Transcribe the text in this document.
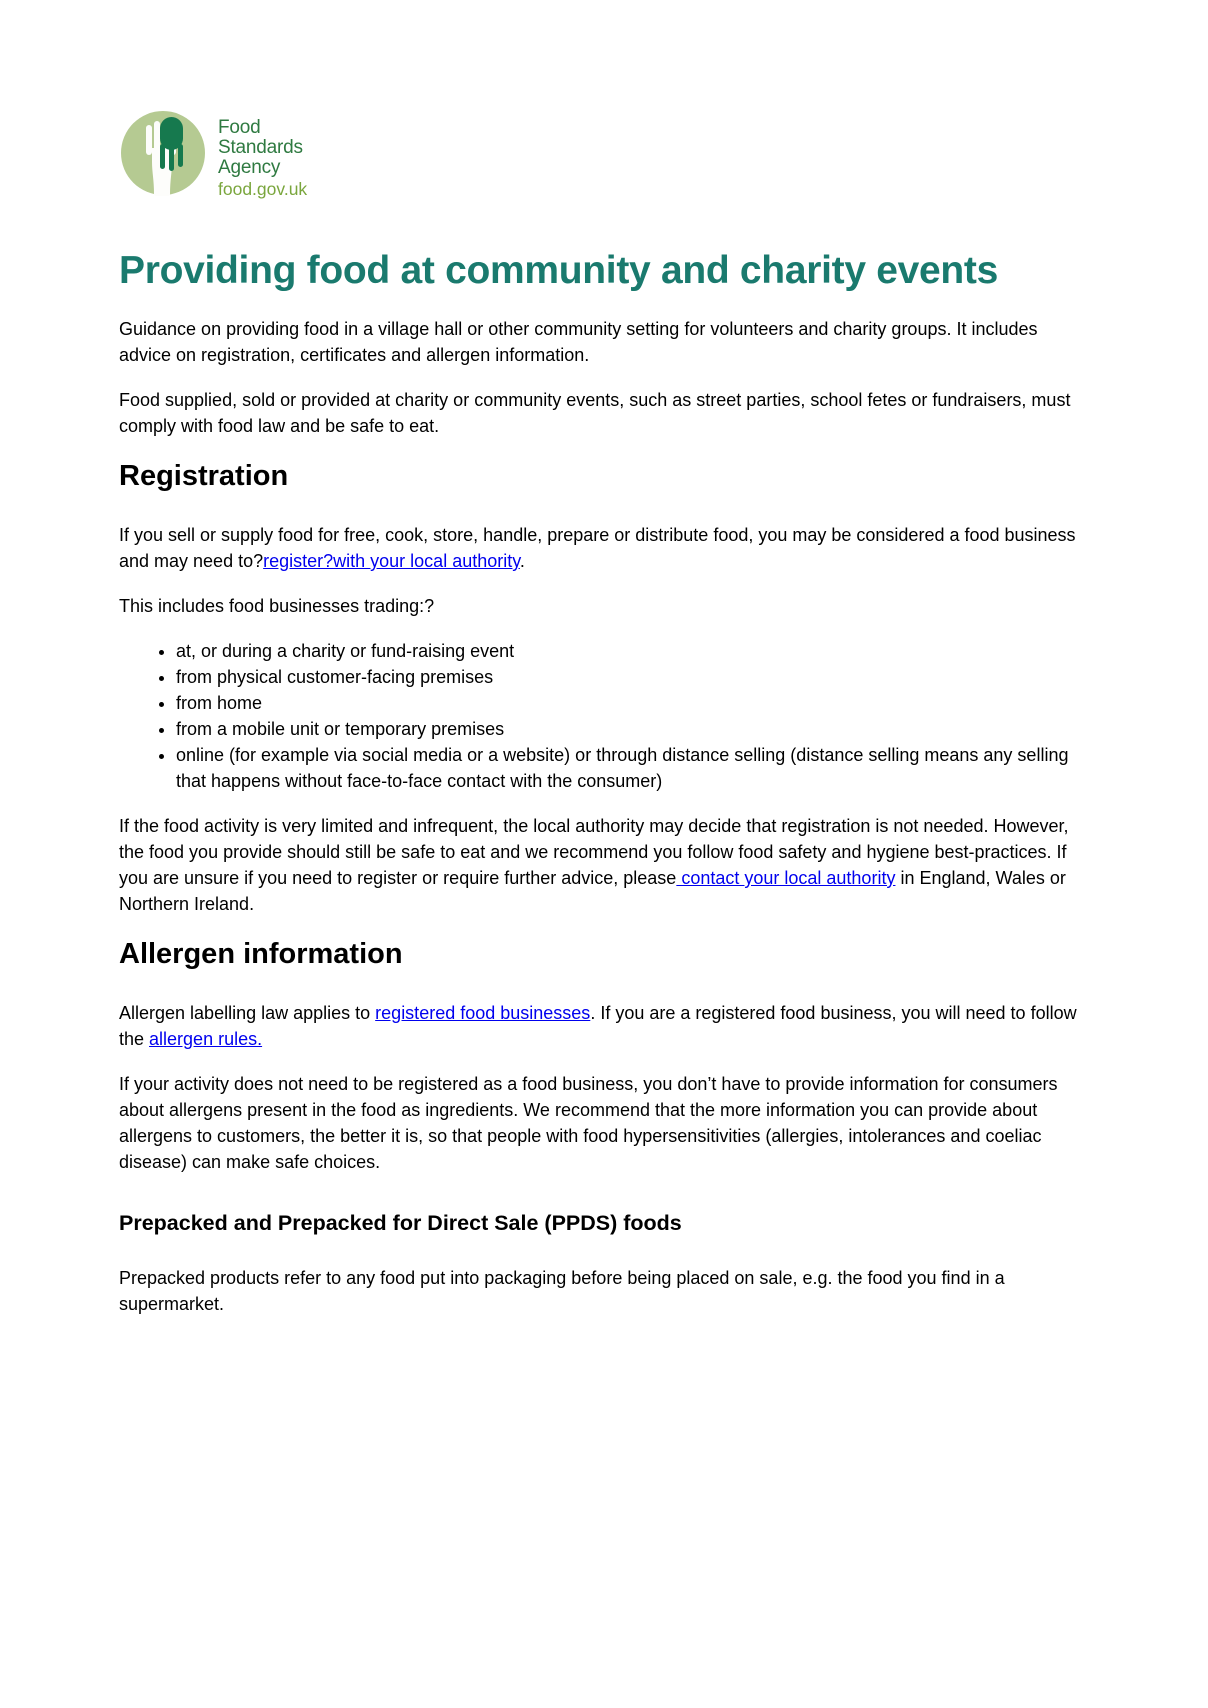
Food
Standards
Agency
food.gov.uk
Providing food at community and charity events

Guidance on providing food in a village hall or other community setting for volunteers and charity groups. It includes advice on registration, certificates and allergen information.

Food supplied, sold or provided at charity or community events, such as street parties, school fetes or fundraisers, must comply with food law and be safe to eat.

Registration

If you sell or supply food for free, cook, store, handle, prepare or distribute food, you may be considered a food business and may need to?register?with your local authority.

This includes food businesses trading:?

• at, or during a charity or fund-raising event
• from physical customer-facing premises
• from home
• from a mobile unit or temporary premises
• online (for example via social media or a website) or through distance selling (distance selling means any selling that happens without face-to-face contact with the consumer)

If the food activity is very limited and infrequent, the local authority may decide that registration is not needed. However, the food you provide should still be safe to eat and we recommend you follow food safety and hygiene best-practices. If you are unsure if you need to register or require further advice, please contact your local authority in England, Wales or Northern Ireland.

Allergen information

Allergen labelling law applies to registered food businesses. If you are a registered food business, you will need to follow the allergen rules.

If your activity does not need to be registered as a food business, you don’t have to provide information for consumers about allergens present in the food as ingredients. We recommend that the more information you can provide about allergens to customers, the better it is, so that people with food hypersensitivities (allergies, intolerances and coeliac disease) can make safe choices.

Prepacked and Prepacked for Direct Sale (PPDS) foods

Prepacked products refer to any food put into packaging before being placed on sale, e.g. the food you find in a supermarket.
